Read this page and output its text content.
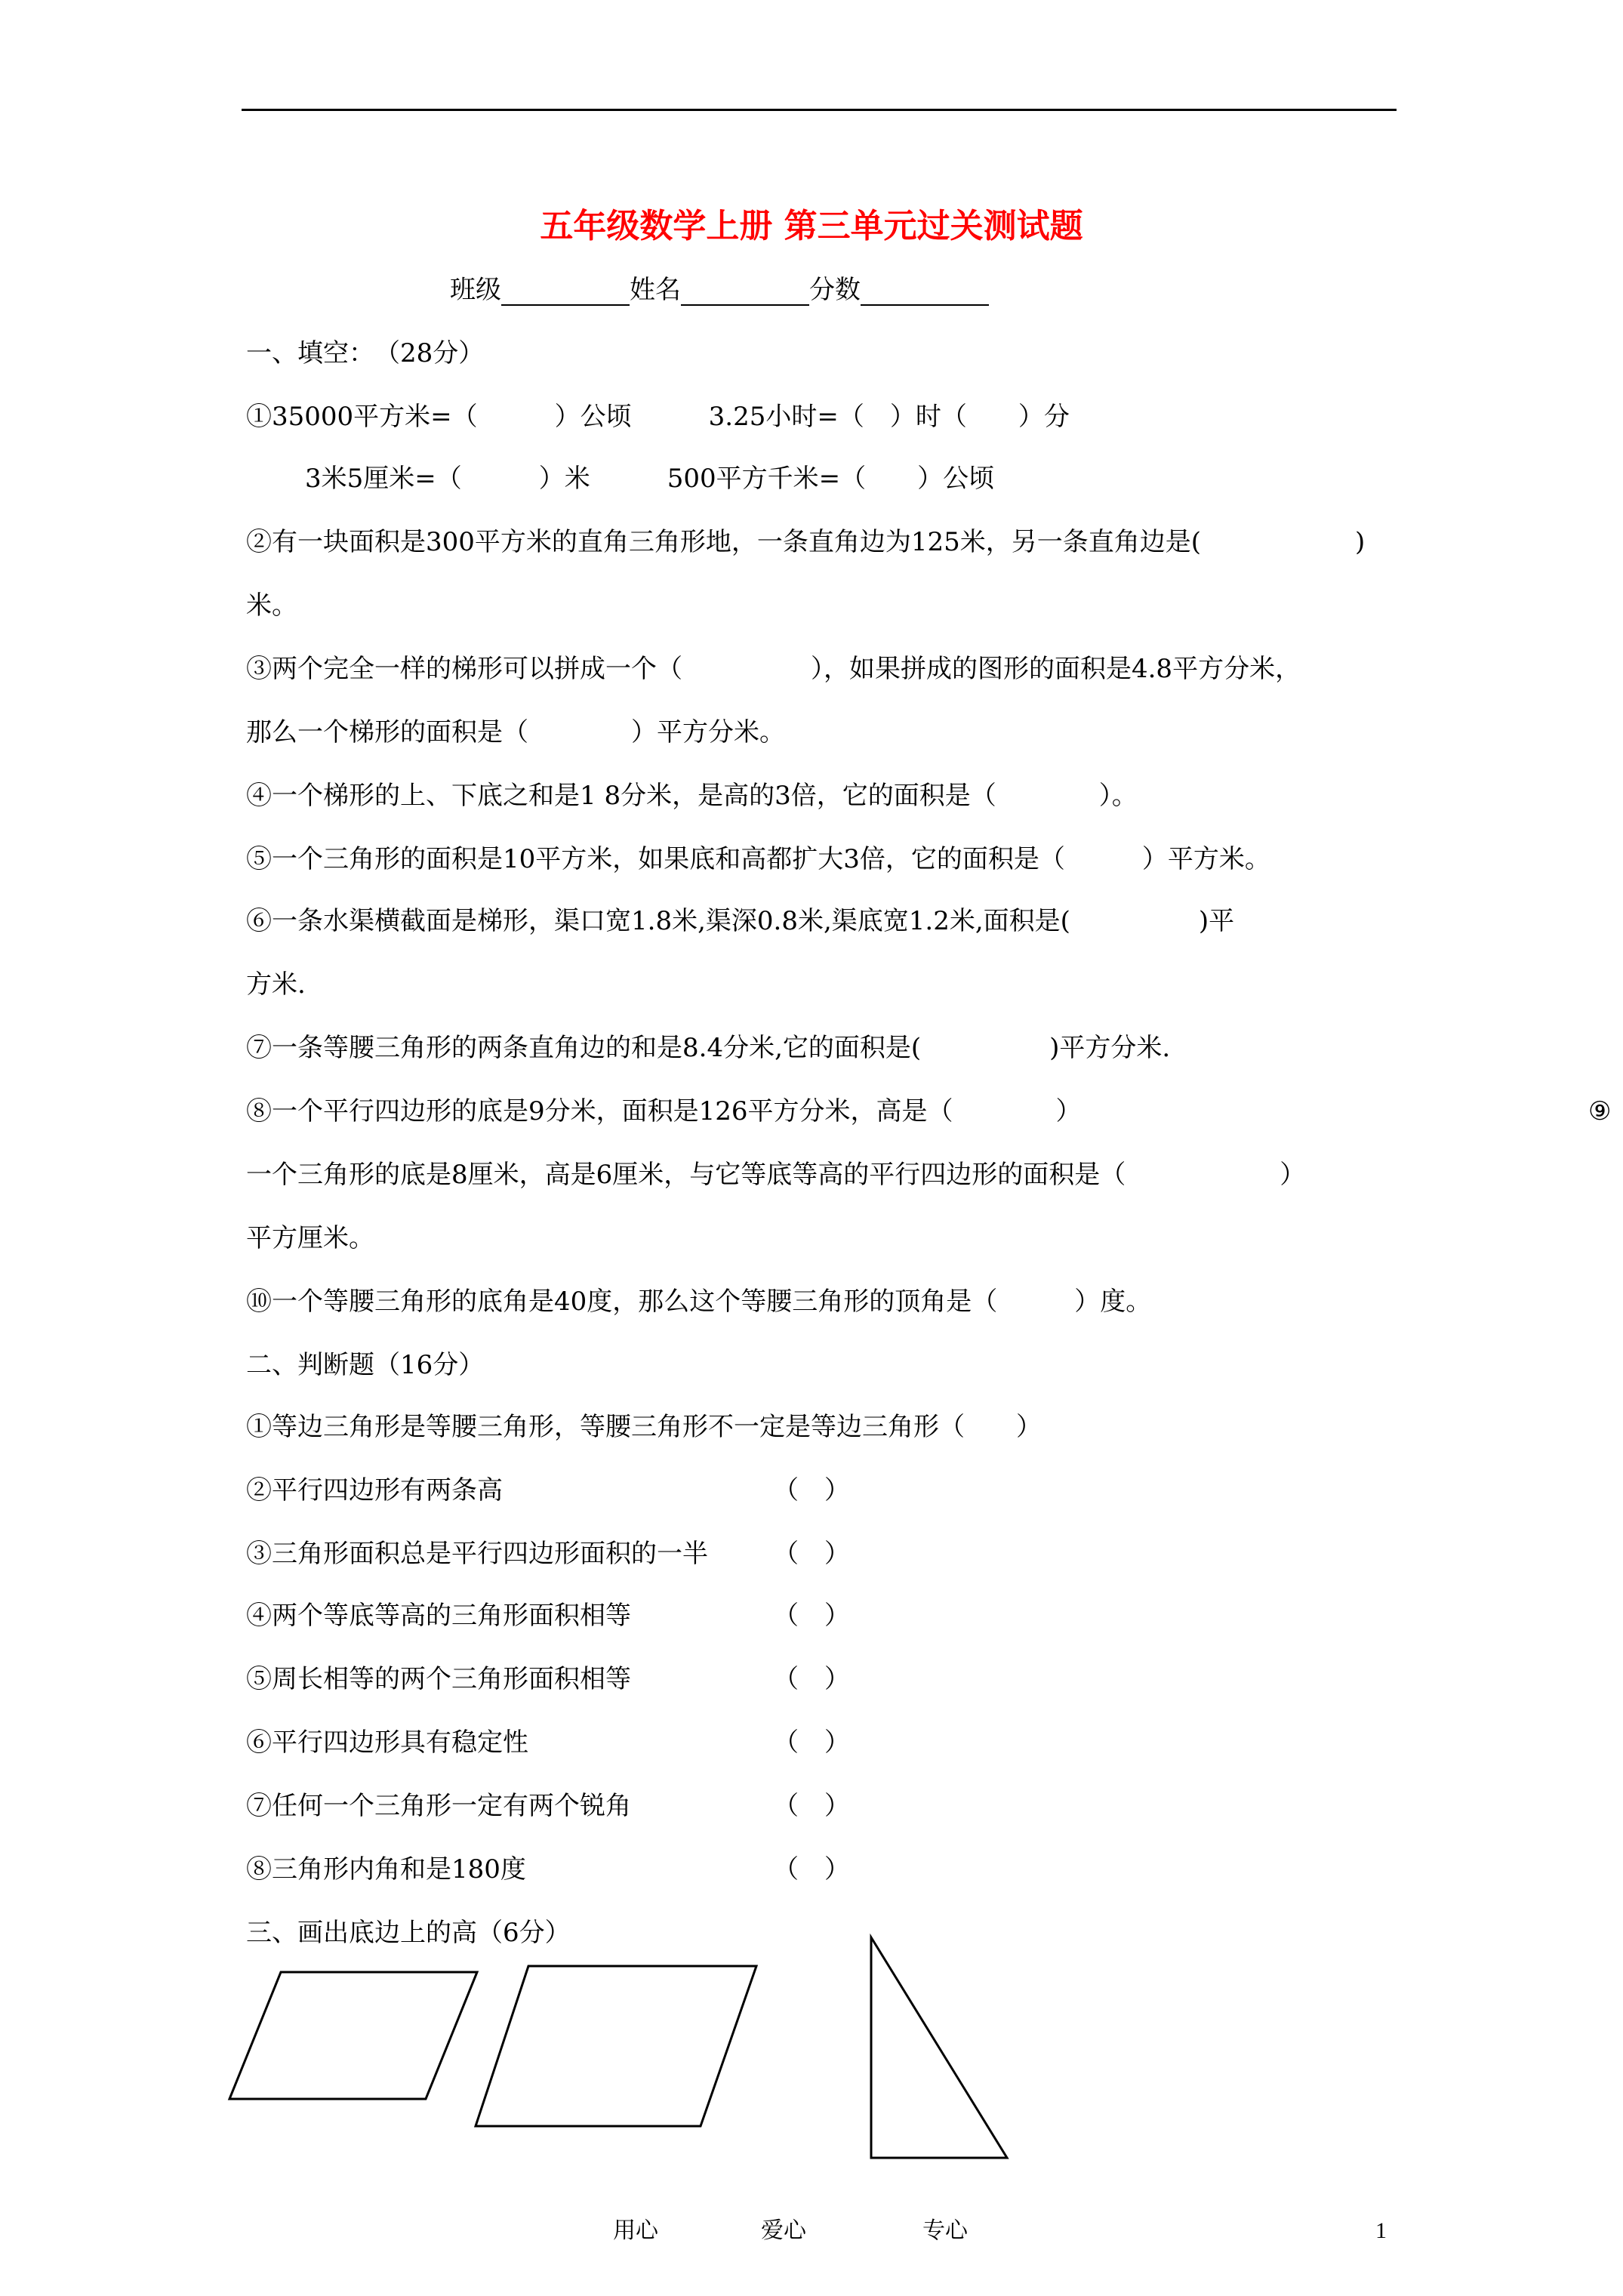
五年级数学上册 第三单元过关测试题
班级	姓名	分数
一、填空：　（28分）
①35000平方米=（　　　）公顷　　　3.25小时=（　）时（　　）分
3米5厘米=（　　　）米　　　500平方千米=（　　）公顷
②有一块面积是300平方米的直角三角形地，一条直角边为125米，另一条直角边是(　　　　　　)
米。
③两个完全一样的梯形可以拼成一个（　　　　　），如果拼成的图形的面积是4.8平方分米，
那么一个梯形的面积是（　　　　）平方分米。
④一个梯形的上、下底之和是1 8分米，是高的3倍，它的面积是（　　　　）。
⑤一个三角形的面积是10平方米，如果底和高都扩大3倍，它的面积是（　　　）平方米。
⑥一条水渠横截面是梯形，渠口宽1.8米,渠深0.8米,渠底宽1.2米,面积是(　　　　　)平
方米.
⑦一条等腰三角形的两条直角边的和是8.4分米,它的面积是(　　　　　)平方分米.
⑧一个平行四边形的底是9分米，面积是126平方分米，高是（　　　　）	⑨
一个三角形的底是8厘米，高是6厘米，与它等底等高的平行四边形的面积是（　　　　　　）
平方厘米。
⑩一个等腰三角形的底角是40度，那么这个等腰三角形的顶角是（　　　）度。
二、判断题（16分）
①等边三角形是等腰三角形，等腰三角形不一定是等边三角形（　　）
②平行四边形有两条高	（　）
③三角形面积总是平行四边形面积的一半	（　）
④两个等底等高的三角形面积相等	（　）
⑤周长相等的两个三角形面积相等	（　）
⑥平行四边形具有稳定性	（　）
⑦任何一个三角形一定有两个锐角	（　）
⑧三角形内角和是180度	（　）
三、画出底边上的高（6分）
用心	爱心	专心	1
